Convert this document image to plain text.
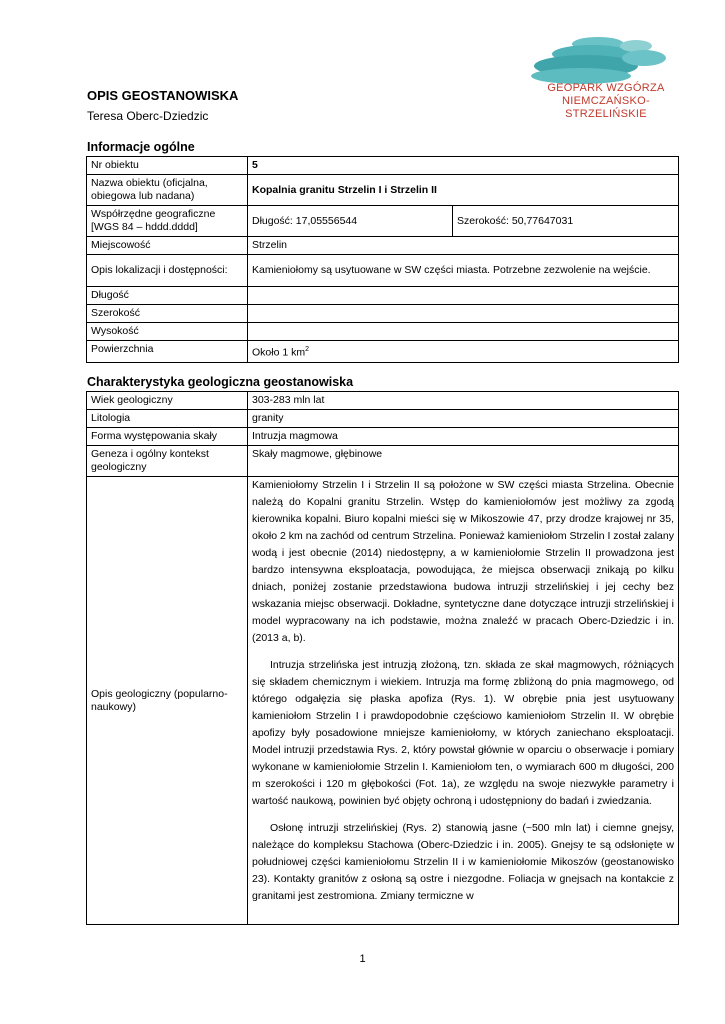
GEOPARK WZGÓRZA
NIEMCZAŃSKO-STRZELIŃSKIE
OPIS GEOSTANOWISKA
Teresa Oberc-Dziedzic
Informacje ogólne
Nr obiektu	5	
Nazwa obiektu (oficjalna, obiegowa lub nadana)	Kopalnia granitu Strzelin I i Strzelin II	
Współrzędne geograficzne [WGS 84 – hddd.dddd]	Długość: 17,05556544	Szerokość: 50,77647031
Miejscowość	Strzelin	
Opis lokalizacji i dostępności:	Kamieniołomy są usytuowane w SW części miasta. Potrzebne zezwolenie na wejście.	
Długość		
Szerokość		
Wysokość		
Powierzchnia	Około 1 $km^2$
Charakterystyka geologiczna geostanowiska
Wiek geologiczny	303-283 mln lat
Litologia	granity
Forma występowania skały	Intruzja magmowa
Geneza i ogólny kontekst geologiczny	Skały magmowe, głębinowe
Opis geologiczny (popularno-naukowy)	Kamieniołomy Strzelin I i Strzelin II są położone w SW części miasta Strzelina. Obecnie należą do Kopalni granitu Strzelin. Wstęp do kamieniołomów jest możliwy za zgodą kierownika kopalni. Biuro kopalni mieści się w Mikoszowie 47, przy drodze krajowej nr 35, około 2 km na zachód od centrum Strzelina. Ponieważ kamieniołom Strzelin I został zalany wodą i jest obecnie (2014) niedostępny, a w kamieniołomie Strzelin II prowadzona jest bardzo intensywna eksploatacja, powodująca, że miejsca obserwacji znikają po kilku dniach, poniżej zostanie przedstawiona budowa intruzji strzelińskiej i jej cechy bez wskazania miejsc obserwacji. Dokładne, syntetyczne dane dotyczące intruzji strzelińskiej i model wypracowany na ich podstawie, można znaleźć w pracach Oberc-Dziedzic i in. (2013 a, b).

Intruzja strzelińska jest intruzją złożoną, tzn. składa ze skał magmowych, różniących się składem chemicznym i wiekiem. Intruzja ma formę zbliżoną do pnia magmowego, od którego odgałęzia się płaska apofiza (Rys. 1). W obrębie pnia jest usytuowany kamieniołom Strzelin I i prawdopodobnie częściowo kamieniołom Strzelin II. W obrębie apofizy były posadowione mniejsze kamieniołomy, w których zaniechano eksploatacji. Model intruzji przedstawia Rys. 2, który powstał głównie w oparciu o obserwacje i pomiary wykonane w kamieniołomie Strzelin I. Kamieniołom ten, o wymiarach 600 m długości, 200 m szerokości i 120 m głębokości (Fot. 1a), ze względu na swoje niezwykłe parametry i wartość naukową, powinien być objęty ochroną i udostępniony do badań i zwiedzania.

Osłonę intruzji strzelińskiej (Rys. 2) stanowią jasne (~500 mln lat) i ciemne gnejsy, należące do kompleksu Stachowa (Oberc-Dziedzic i in. 2005). Gnejsy te są odsłonięte w południowej części kamieniołomu Strzelin II i w kamieniołomie Mikoszów (geostanowisko 23). Kontakty granitów z osłoną są ostre i niezgodne. Foliacja w gnejsach na kontakcie z granitami jest zestromiona. Zmiany termiczne w

1
